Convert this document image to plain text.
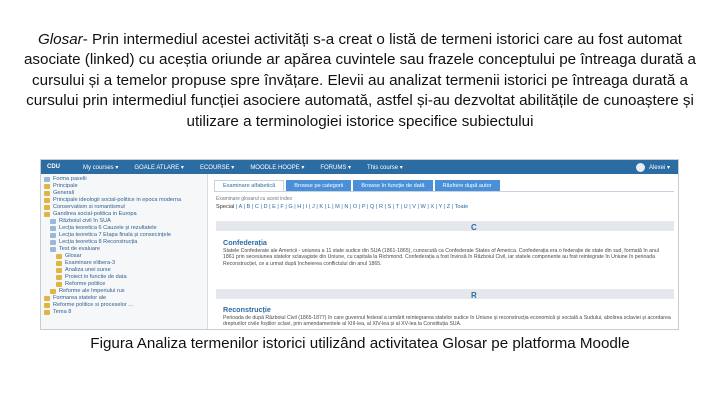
Glosar- Prin intermediul acestei activități s-a creat o listă de termeni istorici care au fost automat asociate (linked) cu aceștia oriunde ar apărea cuvintele sau frazele conceptului pe întreaga durată a cursului și a temelor propuse spre învățare. Elevii au analizat termenii istorici pe întreaga durată a cursului prin intermediul funcției asociere automată, astfel și-au dezvoltat abilitățile de cunoaștere și utilizare a terminologiei istorice specifice subiectului
CDU	My courses ▾	GOALE ATLARE ▾	ECOURSE ▾	MOODLE HOOPE ▾	FORUMS ▾	This course ▾	Alexei ▾
Forma paselii
Principale
Generali
Principale ideologii social-politice in epoca moderna
Conservatism si romantismul
Gandirea social-politica in Europa
Războiul civil în SUA
Lecția teoretica 6 Cauzele și rezultatele
Lecția teoretica 7 Etapa finala și consecințele
Lecția teoretica 8 Reconstrucția
Test de evaluare
Glosar
Examinare elibera-3
Analiza unei surse
Proiect in functie de data
Reforme politice
Reforme ale Imperiului rus
Formarea statelor ale
Reforme politice si proceselor ...
Tema 8
Examinare alfabetică	Browse pe categorii	Browse în funcție de dată	Răsfoire după autor
Examinare glosarul cu acest index
Special | A | B | C | D | E | F | G | H | I | J | K | L | M | N | O | P | Q | R | S | T | U | V | W | X | Y | Z | Toate
C
Confederația
Statele Confederate ale Americii - uniunea a 11 state sudice din SUA (1861-1865), cunoscută ca Confederate States of America. Confederația era o federație de state din sud, formată în anul 1861 prin secesiunea statelor sclavagiste din Uniune, cu capitala la Richmond. Confederația a fost învinsă în Războiul Civil, iar statele componente au fost reintegrate în Uniune în perioada Reconstrucției, ce a urmat după încheierea conflictului din anul 1865.
R
Reconstrucție
Perioada de după Războiul Civil (1865-1877) în care guvernul federal a urmărit reintegrarea statelor sudice în Uniune și reconstrucția economică și socială a Sudului, abolirea sclaviei și acordarea drepturilor civile foștilor sclavi, prin amendamentele al XIII-lea, al XIV-lea și al XV-lea la Constituția SUA.
Figura Analiza termenilor istorici utilizând activitatea Glosar pe platforma Moodle
